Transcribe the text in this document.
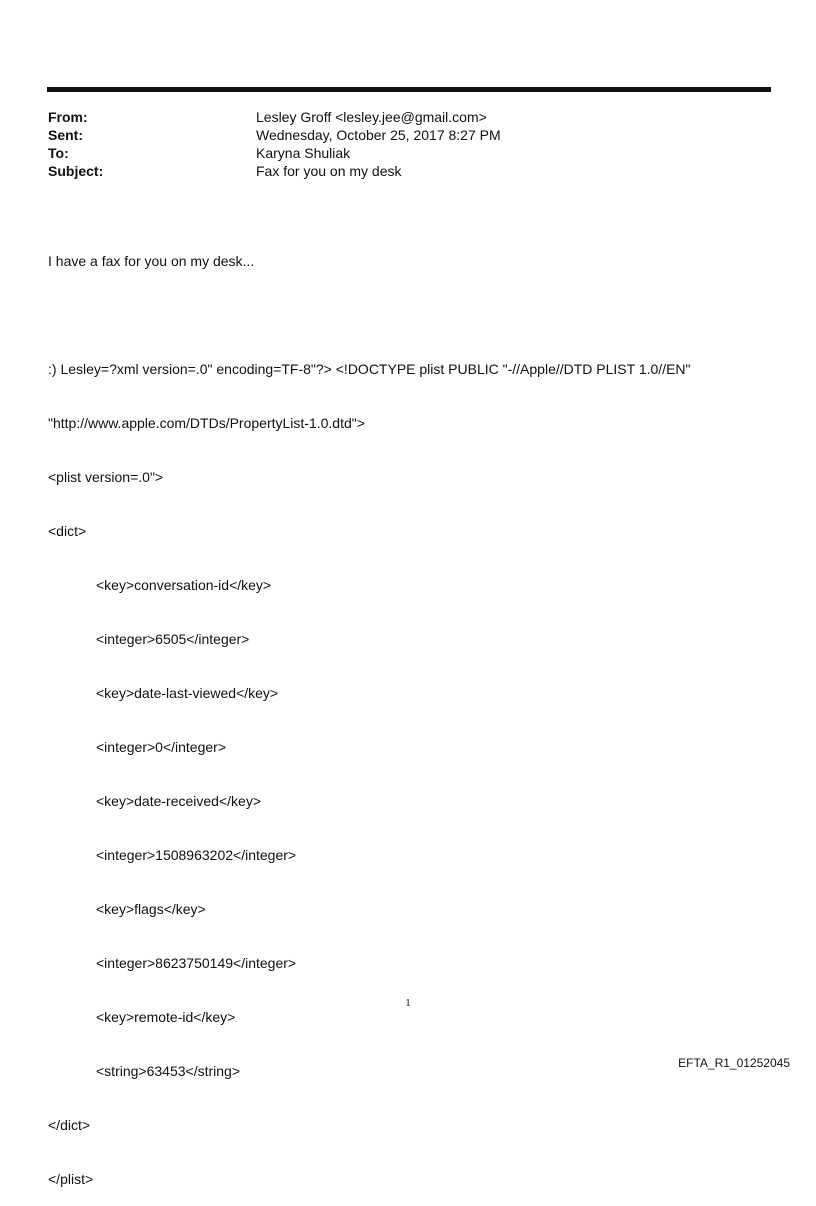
From:	Lesley Groff <lesley.jee@gmail.com>
Sent:	Wednesday, October 25, 2017 8:27 PM
To:	Karyna Shuliak
Subject:	Fax for you on my desk

I have a fax for you on my desk...

:) Lesley=?xml version=.0" encoding=TF-8"?> <!DOCTYPE plist PUBLIC "-//Apple//DTD PLIST 1.0//EN"

"http://www.apple.com/DTDs/PropertyList-1.0.dtd">

<plist version=.0">

<dict>

<key>conversation-id</key>

<integer>6505</integer>

<key>date-last-viewed</key>

<integer>0</integer>

<key>date-received</key>

<integer>1508963202</integer>

<key>flags</key>

<integer>8623750149</integer>

<key>remote-id</key>

<string>63453</string>

</dict>

</plist>

1
EFTA_R1_01252045
